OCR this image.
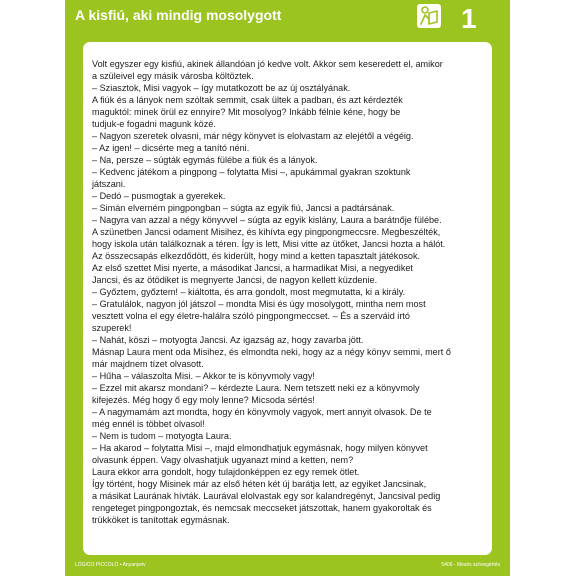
A kisfiú, aki mindig mosolygott	1
Volt egyszer egy kisfiú, akinek állandóan jó kedve volt. Akkor sem keseredett el, amikor
a szüleivel egy másik városba költöztek.
– Sziasztok, Misi vagyok – így mutatkozott be az új osztályának.
A fiúk és a lányok nem szóltak semmit, csak ültek a padban, és azt kérdezték
maguktól: minek örül ez ennyire? Mit mosolyog? Inkább félnie kéne, hogy be
tudjuk-e fogadni magunk közé.
– Nagyon szeretek olvasni, már négy könyvet is elolvastam az elejétől a végéig.
– Az igen! – dicsérte meg a tanító néni.
– Na, persze – súgták egymás fülébe a fiúk és a lányok.
– Kedvenc játékom a pingpong – folytatta Misi –, apukámmal gyakran szoktunk
játszani.
– Dedó – pusmogtak a gyerekek.
– Simán elverném pingpongban – súgta az egyik fiú, Jancsi a padtársának.
– Nagyra van azzal a négy könyvvel – súgta az egyik kislány, Laura a barátnője fülébe.
A szünetben Jancsi odament Misihez, és kihívta egy pingpongmeccsre. Megbeszélték,
hogy iskola után találkoznak a téren. Így is lett, Misi vitte az ütőket, Jancsi hozta a hálót.
Az összecsapás elkezdődött, és kiderült, hogy mind a ketten tapasztalt játékosok.
Az első szettet Misi nyerte, a másodikat Jancsi, a harmadikat Misi, a negyediket
Jancsi, és az ötödiket is megnyerte Jancsi, de nagyon kellett küzdenie.
– Győztem, győztem! – kiáltotta, és arra gondolt, most megmutatta, ki a király.
– Gratulálok, nagyon jól játszol – mondta Misi és úgy mosolygott, mintha nem most
vesztett volna el egy életre-halálra szóló pingpongmeccset. – És a szerváid irtó
szuperek!
– Nahát, köszi – motyogta Jancsi. Az igazság az, hogy zavarba jött.
Másnap Laura ment oda Misihez, és elmondta neki, hogy az a négy könyv semmi, mert ő
már majdnem tízet olvasott.
– Hűha – válaszolta Misi. – Akkor te is könyvmoly vagy!
– Ezzel mit akarsz mondani? – kérdezte Laura. Nem tetszett neki ez a könyvmoly
kifejezés. Még hogy ő egy moly lenne? Micsoda sértés!
– A nagymamám azt mondta, hogy én könyvmoly vagyok, mert annyit olvasok. De te
még ennél is többet olvasol!
– Nem is tudom – motyogta Laura.
– Ha akarod – folytatta Misi –, majd elmondhatjuk egymásnak, hogy milyen könyvet
olvasunk éppen. Vagy olvashatjuk ugyanazt mind a ketten, nem?
Laura ekkor arra gondolt, hogy tulajdonképpen ez egy remek ötlet.
Így történt, hogy Misinek már az első héten két új barátja lett, az egyiket Jancsinak,
a másikat Laurának hívták. Laurával elolvastak egy sor kalandregényt, Jancsival pedig
rengeteget pingpongoztak, és nemcsak meccseket játszottak, hanem gyakoroltak és
trükköket is tanítottak egymásnak.
LOGICO PICCOLO • Anyanyelv	5406 - Mesés szövegértés
